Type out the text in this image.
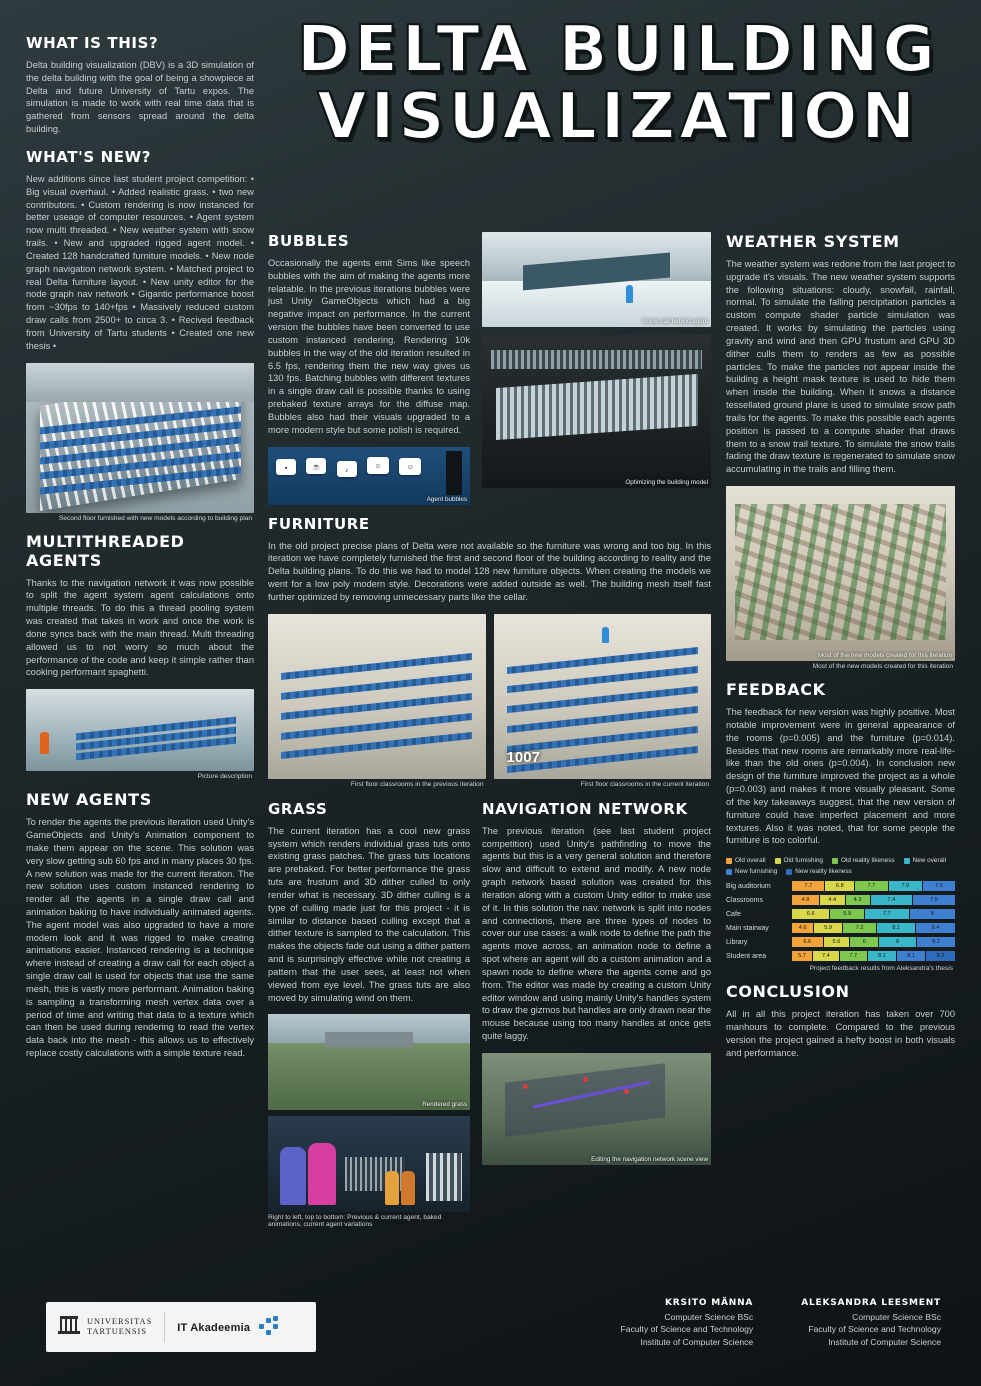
DELTA BUILDING
VISUALIZATION
WHAT IS THIS?

Delta building visualization (DBV) is a 3D simulation of the delta building with the goal of being a showpiece at Delta and future University of Tartu expos. The simulation is made to work with real time data that is gathered from sensors spread around the delta building.

WHAT'S NEW?

New additions since last student project competition: • Big visual overhaul. • Added realistic grass. • two new contributors. • Custom rendering is now instanced for better useage of computer resources. • Agent system now multi threaded. • New weather system with snow trails. • New and upgraded rigged agent model. • Created 128 handcrafted furniture models. • New node graph navigation network system. • Matched project to real Delta furniture layout. • New unity editor for the node graph nav network • Gigantic performance boost from ~30fps to 140+fps • Massively reduced custom draw calls from 2500+ to circa 3. • Recived feedback from University of Tartu students • Created one new thesis •

Second floor furnished with new models according to building plan
MULTITHREADED AGENTS

Thanks to the navigation network it was now possible to split the agent system agent calculations onto multiple threads. To do this a thread pooling system was created that takes in work and once the work is done syncs back with the main thread. Multi threading allowed us to not worry so much about the performance of the code and keep it simple rather than cooking performant spaghetti.

Picture description
NEW AGENTS

To render the agents the previous iteration used Unity's GameObjects and Unity's Animation component to make them appear on the scene. This solution was very slow getting sub 60 fps and in many places 30 fps. A new solution was made for the current iteration. The new solution uses custom instanced rendering to render all the agents in a single draw call and animation baking to have individually animated agents. The agent model was also upgraded to have a more modern look and it was rigged to make creating animations easier. Instanced rendering is a technique where instead of creating a draw call for each object a single draw call is used for objects that use the same mesh, this is vastly more performant. Animation baking is sampling a transforming mesh vertex data over a period of time and writing that data to a texture which can then be used during rendering to read the vertex data back into the mesh - this allows us to effectively replace costly calculations with a simple texture read.

BUBBLES

Occasionally the agents emit Sims like speech bubbles with the aim of making the agents more relatable. In the previous iterations bubbles were just Unity GameObjects which had a big negative impact on performance. In the current version the bubbles have been converted to use custom instanced rendering. Rendering 10k bubbles in the way of the old iteration resulted in 6.5 fps, rendering them the new way gives us 130 fps. Batching bubbles with different textures in a single draw call is possible thanks to using prebaked texture arrays for the diffuse map. Bubbles also had their visuals upgraded to a more modern style but some polish is required.

▪	☕	♪	☺	☺
Agent bubbles
Snow trail behind agent
Optimizing the building model
FURNITURE

In the old project precise plans of Delta were not available so the furniture was wrong and too big. In this iteration we have completely furnished the first and second floor of the building according to reality and the Delta building plans. To do this we had to model 128 new furniture objects. When creating the models we went for a low poly modern style. Decorations were added outside as well. The building mesh itself fast further optimized by removing unnecessary parts like the cellar.

First floor classrooms in the previous iteration
1007
First floor classrooms in the current iteration
GRASS

The current iteration has a cool new grass system which renders individual grass tuts onto existing grass patches. The grass tuts locations are prebaked. For better performance the grass tuts are frustum and 3D dither culled to only render what is necessary. 3D dither culling is a type of culling made just for this project - it is similar to distance based culling except that a dither texture is sampled to the calculation. This makes the objects fade out using a dither pattern and is surprisingly effective while not creating a pattern that the user sees, at least not when viewed from eye level. The grass tuts are also moved by simulating wind on them.

Rendered grass
Right to left, top to bottom: Previous & current agent, baked animations, current agent variations
NAVIGATION NETWORK

The previous iteration (see last student project competition) used Unity's pathfinding to move the agents but this is a very general solution and therefore slow and difficult to extend and modify. A new node graph network based solution was created for this iteration along with a custom Unity editor to make use of it. In this solution the nav. network is split into nodes and connections, there are three types of nodes to cover our use cases: a walk node to define the path the agents move across, an animation node to define a spot where an agent will do a custom animation and a spawn node to define where the agents come and go from. The editor was made by creating a custom Unity editor window and using mainly Unity's handles system to draw the gizmos but handles are only drawn near the mouse because using too many handles at once gets quite laggy.

Editing the navigation network scene view
WEATHER SYSTEM

The weather system was redone from the last project to upgrade it's visuals. The new weather system supports the following situations: cloudy, snowfall, rainfall, normal. To simulate the falling percipitation particles a custom compute shader particle simulation was created. It works by simulating the particles using gravity and wind and then GPU frustum and GPU 3D dither culls them to renders as few as possible particles. To make the particles not appear inside the building a height mask texture is used to hide them when inside the building. When it snows a distance tessellated ground plane is used to simulate snow path trails for the agents. To make this possible each agents position is passed to a compute shader that draws them to a snow trail texture. To simulate the snow trails fading the draw texture is regenerated to simulate snow accumulating in the trails and filling them.

Most of the new models created for this iteration
Most of the new models created for this iteration
FEEDBACK

The feedback for new version was highly positive. Most notable improvement were in general appearance of the rooms (p=0.005) and the furniture (p=0.014). Besides that new rooms are remarkably more real-life-like than the old ones (p=0.004). In conclusion new design of the furniture improved the project as a whole (p=0.003) and makes it more visually pleasant. Some of the key takeaways suggest, that the new version of furniture could have imperfect placement and more textures. Also it was noted, that for some people the furniture is too colorful.

Old overall	Old furnishing	Old reality likeness	New overall
New furnishing	New reality likeness
Big auditorium	7.7	6.8	7.7	7.9	7.6
Classrooms	4.8	4.4	4.3	7.4	7.5
Cafe	6.6	5.9	7.7	8
Main stairway	4.6	5.9	7.2	8.1	8.4
Library	6.6	5.6	6	8	8.2
Student area	5.7	7.4	7.7	8.1	8.1	8.2
Project feedback results from Aleksandra's thesis
CONCLUSION

All in all this project iteration has taken over 700 manhours to complete. Compared to the previous version the project gained a hefty boost in both visuals and performance.

UNIVERSITAS
TARTUENSIS	IT Akadeemia
KRSITO MÄNNA
Computer Science BSc
Faculty of Science and Technology
Institute of Computer Science
ALEKSANDRA LEESMENT
Computer Science BSc
Faculty of Science and Technology
Institute of Computer Science
